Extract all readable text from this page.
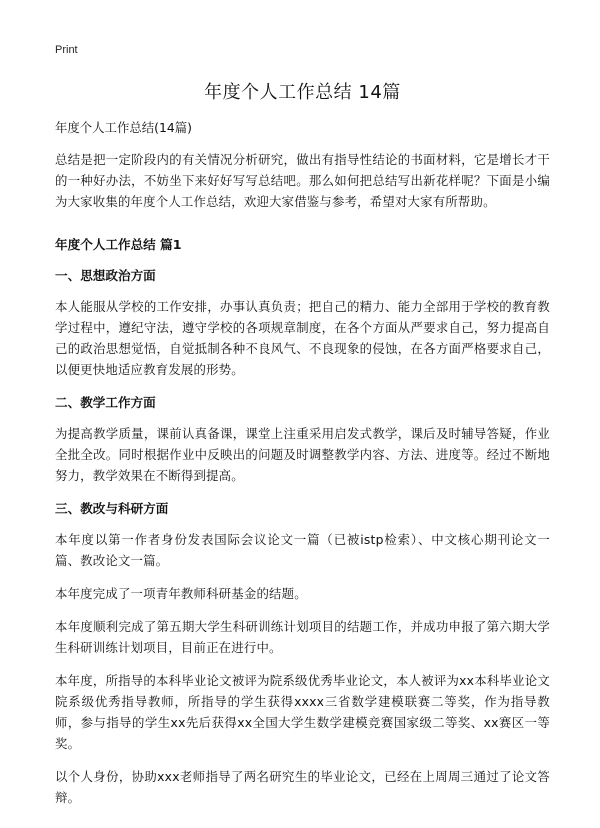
Print
年度个人工作总结 14篇
年度个人工作总结(14篇)

总结是把一定阶段内的有关情况分析研究，做出有指导性结论的书面材料，它是增长才干的一种好办法，不妨坐下来好好写写总结吧。那么如何把总结写出新花样呢？下面是小编为大家收集的年度个人工作总结，欢迎大家借鉴与参考，希望对大家有所帮助。

年度个人工作总结 篇1
一、思想政治方面

本人能服从学校的工作安排，办事认真负责；把自己的精力、能力全部用于学校的教育教学过程中，遵纪守法，遵守学校的各项规章制度，在各个方面从严要求自己，努力提高自己的政治思想觉悟，自觉抵制各种不良风气、不良现象的侵蚀，在各方面严格要求自己，以便更快地适应教育发展的形势。

二、教学工作方面

为提高教学质量，课前认真备课，课堂上注重采用启发式教学，课后及时辅导答疑，作业全批全改。同时根据作业中反映出的问题及时调整教学内容、方法、进度等。经过不断地努力，教学效果在不断得到提高。

三、教改与科研方面

本年度以第一作者身份发表国际会议论文一篇（已被istp检索）、中文核心期刊论文一篇、教改论文一篇。

本年度完成了一项青年教师科研基金的结题。

本年度顺利完成了第五期大学生科研训练计划项目的结题工作，并成功申报了第六期大学生科研训练计划项目，目前正在进行中。

本年度，所指导的本科毕业论文被评为院系级优秀毕业论文，本人被评为xx本科毕业论文院系级优秀指导教师，所指导的学生获得xxxx三省数学建模联赛二等奖，作为指导教师，参与指导的学生xx先后获得xx全国大学生数学建模竞赛国家级二等奖、xx赛区一等奖。

以个人身份，协助xxx老师指导了两名研究生的毕业论文，已经在上周周三通过了论文答辩。
